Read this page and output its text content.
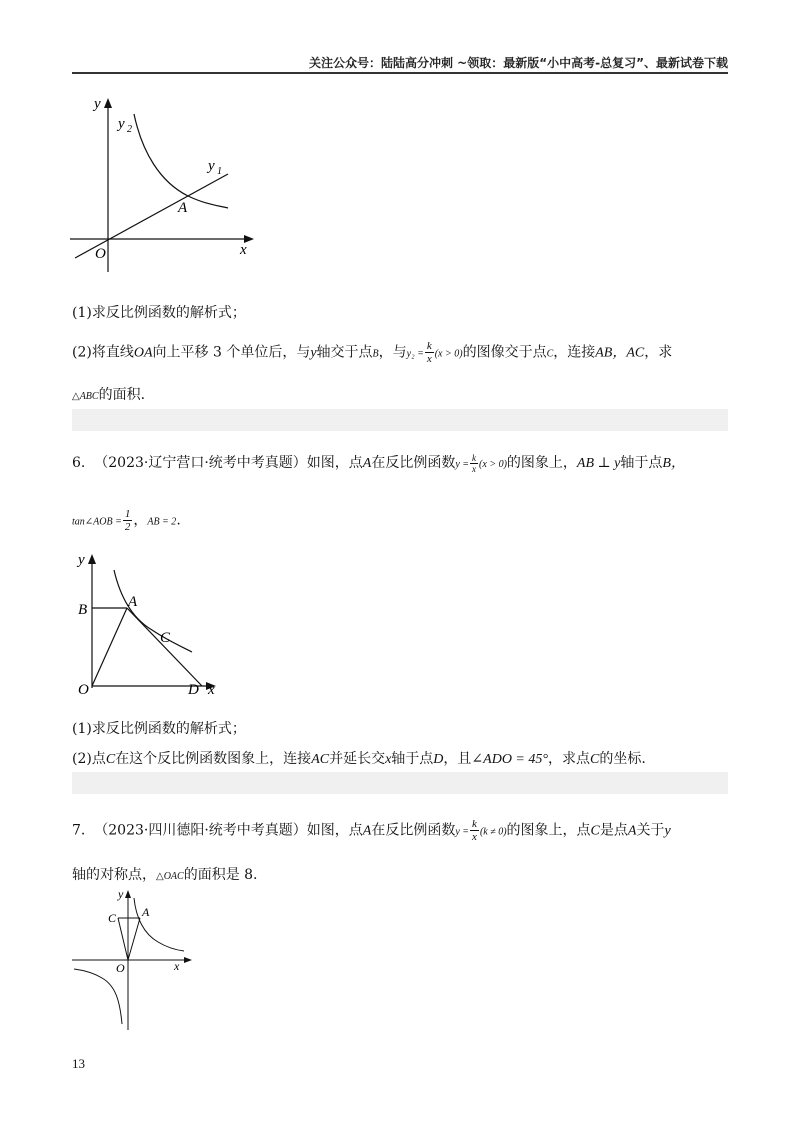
关注公众号：陆陆高分冲刺 ~领取：最新版“小中高考-总复习”、最新试卷下载
y
y 2
y 1
A
x
O
(1)求反比例函数的解析式；
(2)将直线OA向上平移 3 个单位后，与y轴交于点B，与$y_2 = \frac{k}{x} (x > 0)$的图像交于点C，连接AB，AC，求
△ABC的面积.
6. （2023·辽宁营口·统考中考真题）如图，点A在反比例函数$y = \frac{k}{x} (x > 0)$的图象上，AB ⊥ y轴于点B，
tan∠AOB = $\frac{1}{2}$ ，AB = 2.
y
B	A
C
O	D x
(1)求反比例函数的解析式；
(2)点C在这个反比例函数图象上，连接AC并延长交x轴于点D，且∠ADO = 45°，求点C的坐标.
7. （2023·四川德阳·统考中考真题）如图，点A在反比例函数$y = \frac{k}{x} (k \ne 0)$的图象上，点C是点A关于y
轴的对称点，△OAC的面积是 8.
y
C A
O	x
13
